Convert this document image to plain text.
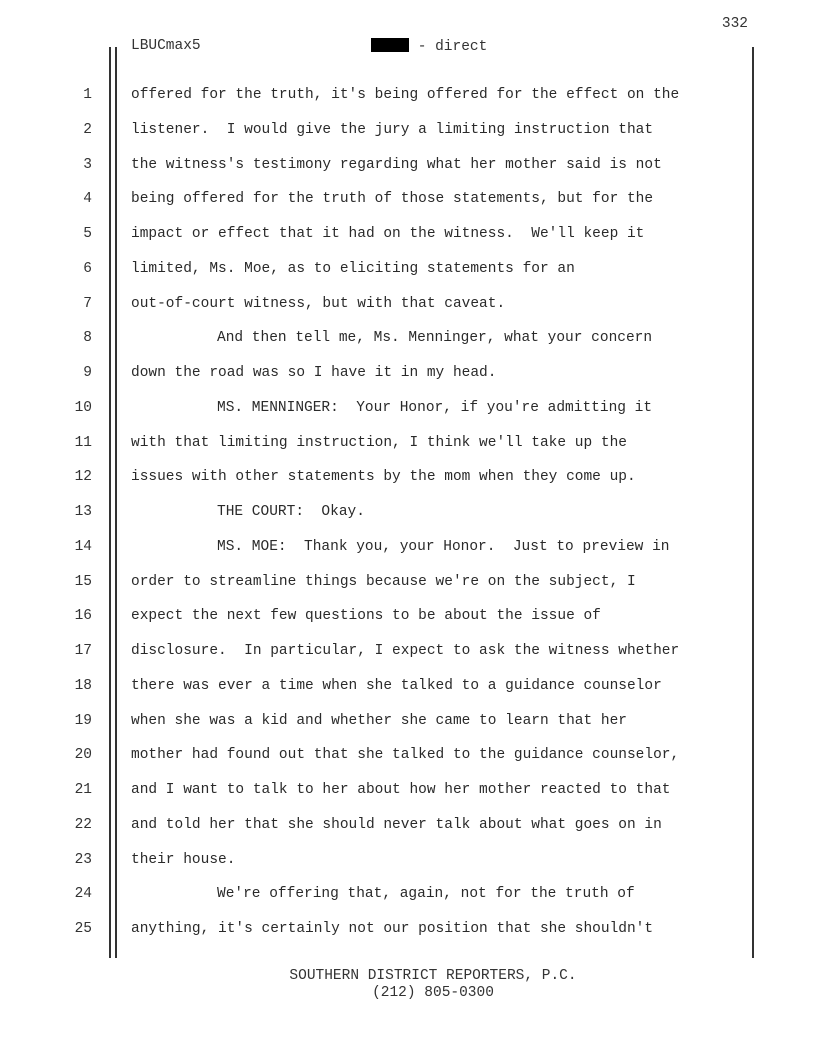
332
LBUCmax5	- direct
1	offered for the truth, it's being offered for the effect on the
2	listener.  I would give the jury a limiting instruction that
3	the witness's testimony regarding what her mother said is not
4	being offered for the truth of those statements, but for the
5	impact or effect that it had on the witness.  We'll keep it
6	limited, Ms. Moe, as to eliciting statements for an
7	out-of-court witness, but with that caveat.
8	And then tell me, Ms. Menninger, what your concern
9	down the road was so I have it in my head.
10	MS. MENNINGER:  Your Honor, if you're admitting it
11	with that limiting instruction, I think we'll take up the
12	issues with other statements by the mom when they come up.
13	THE COURT:  Okay.
14	MS. MOE:  Thank you, your Honor.  Just to preview in
15	order to streamline things because we're on the subject, I
16	expect the next few questions to be about the issue of
17	disclosure.  In particular, I expect to ask the witness whether
18	there was ever a time when she talked to a guidance counselor
19	when she was a kid and whether she came to learn that her
20	mother had found out that she talked to the guidance counselor,
21	and I want to talk to her about how her mother reacted to that
22	and told her that she should never talk about what goes on in
23	their house.
24	We're offering that, again, not for the truth of
25	anything, it's certainly not our position that she shouldn't
SOUTHERN DISTRICT REPORTERS, P.C.
(212) 805-0300
